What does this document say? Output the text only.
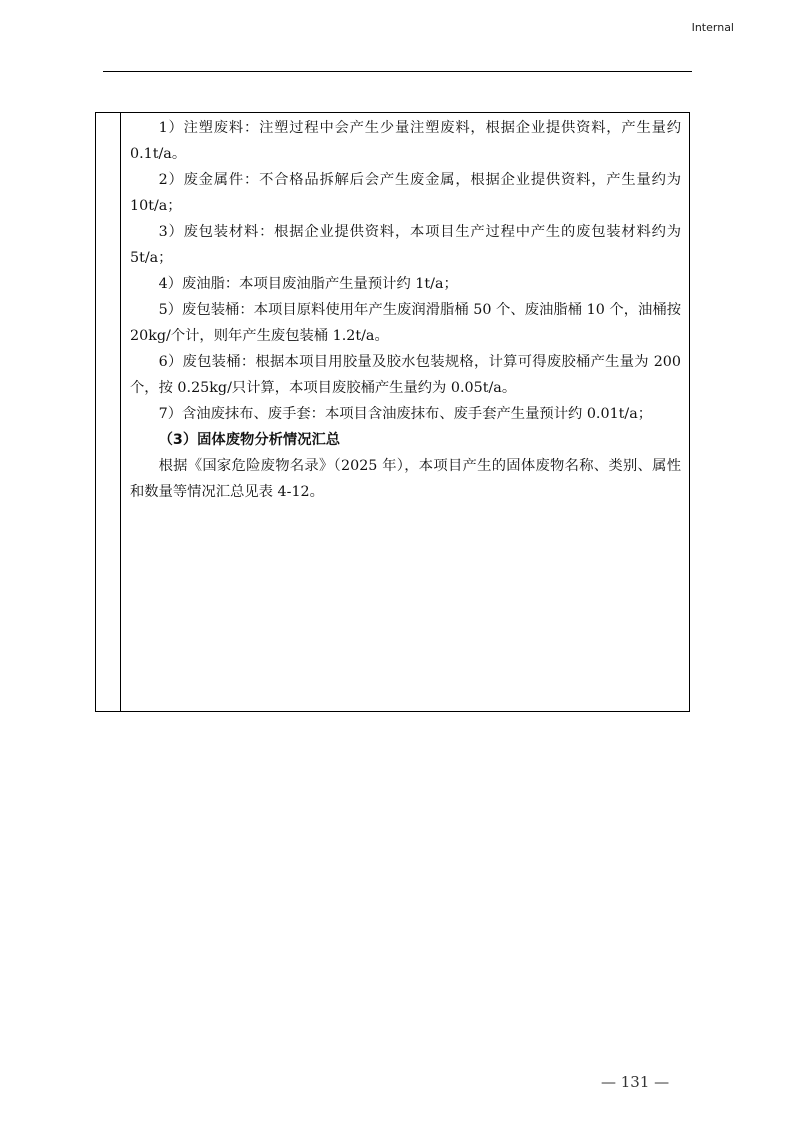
Internal

1）注塑废料：注塑过程中会产生少量注塑废料，根据企业提供资料，产生量约 0.1t/a。

2）废金属件：不合格品拆解后会产生废金属，根据企业提供资料，产生量约为 10t/a；

3）废包装材料：根据企业提供资料，本项目生产过程中产生的废包装材料约为 5t/a；

4）废油脂：本项目废油脂产生量预计约 1t/a；

5）废包装桶：本项目原料使用年产生废润滑脂桶 50 个、废油脂桶 10 个，油桶按 20kg/个计，则年产生废包装桶 1.2t/a。

6）废包装桶：根据本项目用胶量及胶水包装规格，计算可得废胶桶产生量为 200 个，按 0.25kg/只计算，本项目废胶桶产生量约为 0.05t/a。

7）含油废抹布、废手套：本项目含油废抹布、废手套产生量预计约 0.01t/a；

（3）固体废物分析情况汇总

根据《国家危险废物名录》（2025 年），本项目产生的固体废物名称、类别、属性和数量等情况汇总见表 4-12。

— 131 —
